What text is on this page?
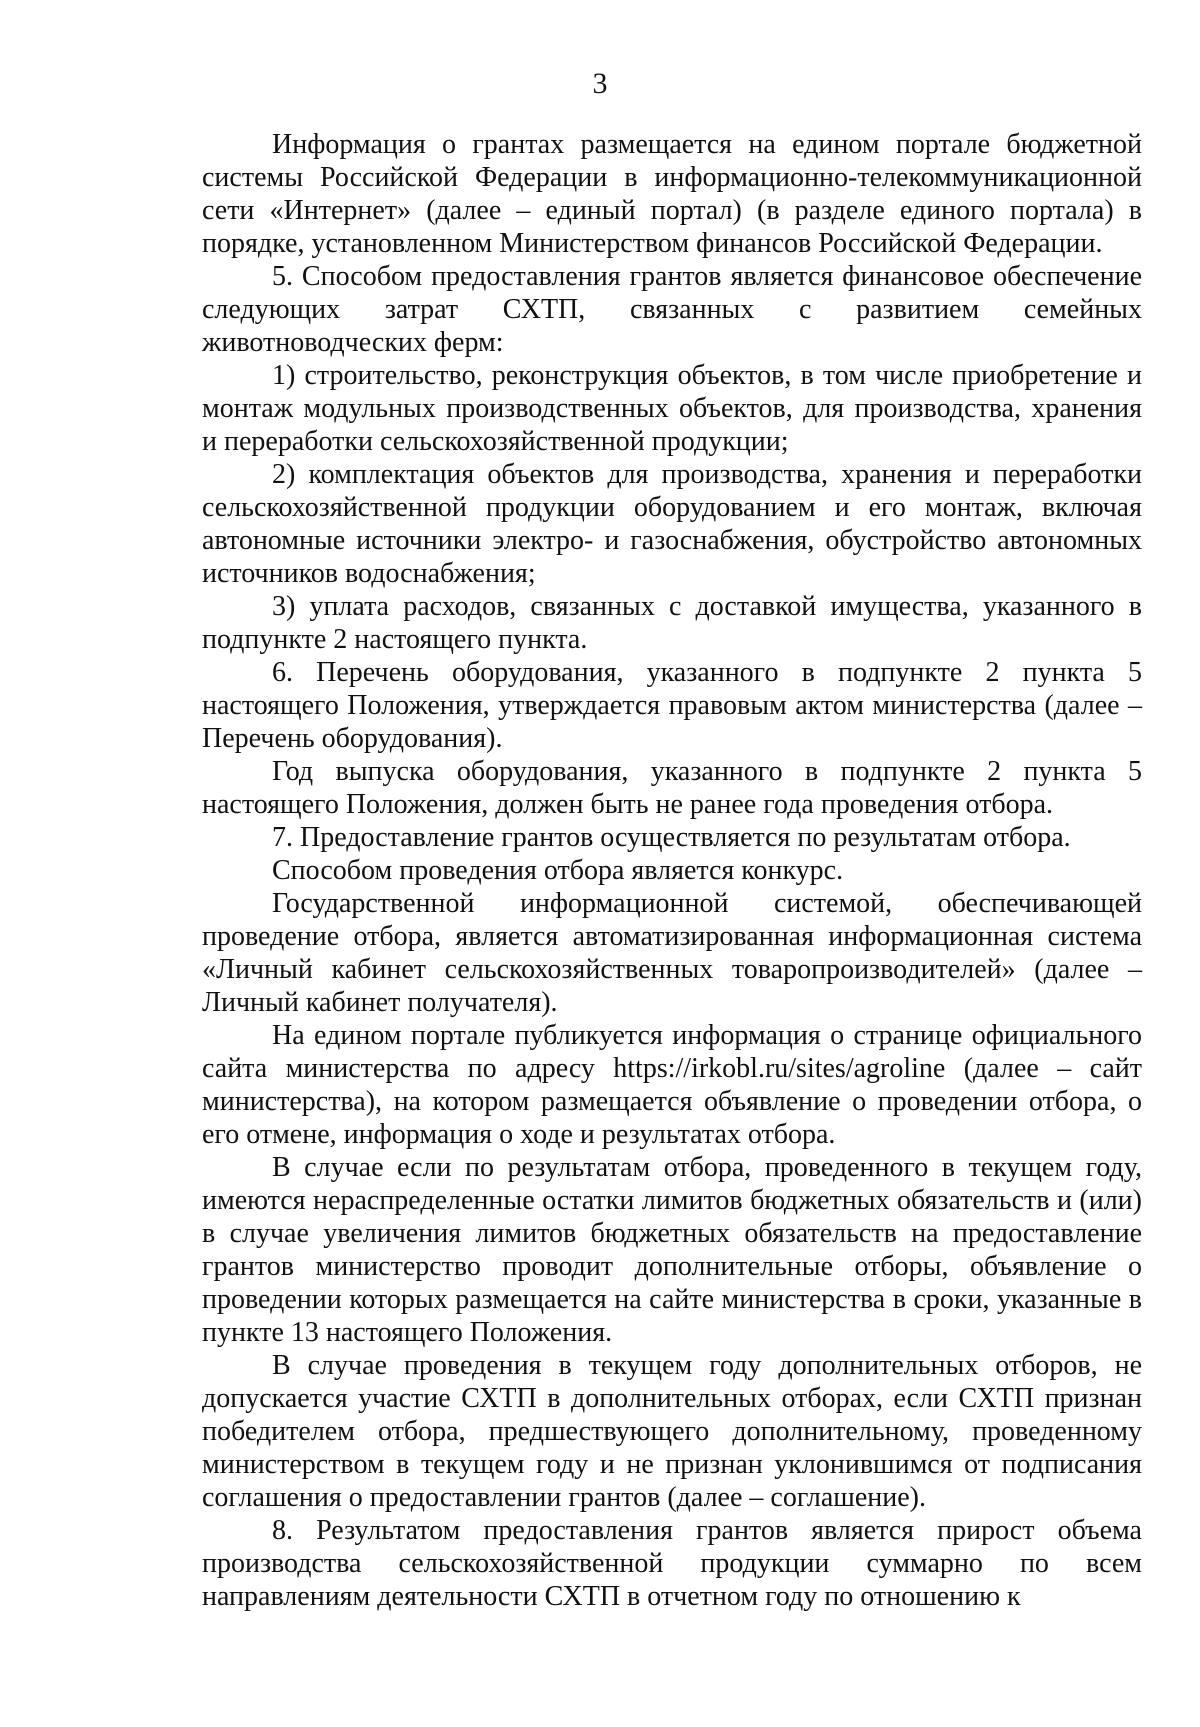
3

Информация о грантах размещается на едином портале бюджетной системы Российской Федерации в информационно-телекоммуникационной сети «Интернет» (далее – единый портал) (в разделе единого портала) в порядке, установленном Министерством финансов Российской Федерации.

5. Способом предоставления грантов является финансовое обеспечение следующих затрат СХТП, связанных с развитием семейных животноводческих ферм:

1) строительство, реконструкция объектов, в том числе приобретение и монтаж модульных производственных объектов, для производства, хранения и переработки сельскохозяйственной продукции;

2) комплектация объектов для производства, хранения и переработки сельскохозяйственной продукции оборудованием и его монтаж, включая автономные источники электро- и газоснабжения, обустройство автономных источников водоснабжения;

3) уплата расходов, связанных с доставкой имущества, указанного в подпункте 2 настоящего пункта.

6. Перечень оборудования, указанного в подпункте 2 пункта 5 настоящего Положения, утверждается правовым актом министерства (далее – Перечень оборудования).

Год выпуска оборудования, указанного в подпункте 2 пункта 5 настоящего Положения, должен быть не ранее года проведения отбора.

7. Предоставление грантов осуществляется по результатам отбора.

Способом проведения отбора является конкурс.

Государственной информационной системой, обеспечивающей проведение отбора, является автоматизированная информационная система «Личный кабинет сельскохозяйственных товаропроизводителей» (далее – Личный кабинет получателя).

На едином портале публикуется информация о странице официального сайта министерства по адресу https://irkobl.ru/sites/agroline (далее – сайт министерства), на котором размещается объявление о проведении отбора, о его отмене, информация о ходе и результатах отбора.

В случае если по результатам отбора, проведенного в текущем году, имеются нераспределенные остатки лимитов бюджетных обязательств и (или) в случае увеличения лимитов бюджетных обязательств на предоставление грантов министерство проводит дополнительные отборы, объявление о проведении которых размещается на сайте министерства в сроки, указанные в пункте 13 настоящего Положения.

В случае проведения в текущем году дополнительных отборов, не допускается участие СХТП в дополнительных отборах, если СХТП признан победителем отбора, предшествующего дополнительному, проведенному министерством в текущем году и не признан уклонившимся от подписания соглашения о предоставлении грантов (далее – соглашение).

8. Результатом предоставления грантов является прирост объема производства сельскохозяйственной продукции суммарно по всем направлениям деятельности СХТП в отчетном году по отношению к
